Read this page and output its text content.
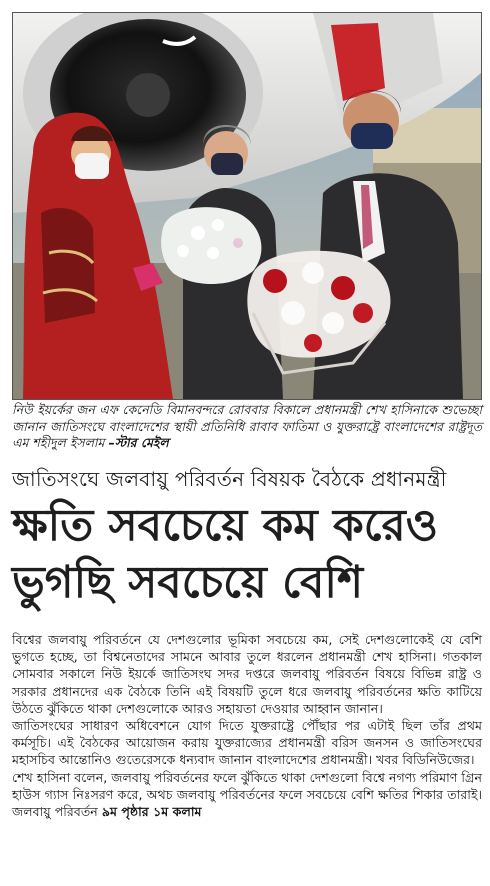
নিউ ইয়র্কের জন এফ কেনেডি বিমানবন্দরে রোববার বিকালে প্রধানমন্ত্রী শেখ হাসিনাকে শুভেচ্ছা জানান জাতিসংঘে বাংলাদেশের স্থায়ী প্রতিনিধি রাবাব ফাতিমা ও যুক্তরাষ্ট্রে বাংলাদেশের রাষ্ট্রদূত এম শহীদুল ইসলাম –স্টার মেইল
জাতিসংঘে জলবায়ু পরিবর্তন বিষয়ক বৈঠকে প্রধানমন্ত্রী
ক্ষতি সবচেয়ে কম করেও
ভুগছি সবচেয়ে বেশি

বিশ্বের জলবায়ু পরিবর্তনে যে দেশগুলোর ভূমিকা সবচেয়ে কম, সেই দেশগুলোকেই যে বেশি ভুগতে হচ্ছে, তা বিশ্বনেতাদের সামনে আবার তুলে ধরলেন প্রধানমন্ত্রী শেখ হাসিনা। গতকাল সোমবার সকালে নিউ ইয়র্কে জাতিসংঘ সদর দপ্তরে জলবায়ু পরিবর্তন বিষয়ে বিভিন্ন রাষ্ট্র ও সরকার প্রধানদের এক বৈঠকে তিনি এই বিষয়টি তুলে ধরে জলবায়ু পরিবর্তনের ক্ষতি কাটিয়ে উঠতে ঝুঁকিতে থাকা দেশগুলোকে আরও সহায়তা দেওয়ার আহ্বান জানান।

জাতিসংঘের সাধারণ অধিবেশনে যোগ দিতে যুক্তরাষ্ট্রে পৌঁছার পর এটাই ছিল তাঁর প্রথম কর্মসূচি। এই বৈঠকের আয়োজন করায় যুক্তরাজ্যের প্রধানমন্ত্রী বরিস জনসন ও জাতিসংঘের মহাসচিব আন্তোনিও গুতেরেসকে ধন্যবাদ জানান বাংলাদেশের প্রধানমন্ত্রী। খবর বিডিনিউজের।

শেখ হাসিনা বলেন, জলবায়ু পরিবর্তনের ফলে ঝুঁকিতে থাকা দেশগুলো বিশ্বে নগণ্য পরিমাণ গ্রিন হাউস গ্যাস নিঃসরণ করে, অথচ জলবায়ু পরিবর্তনের ফলে সবচেয়ে বেশি ক্ষতির শিকার তারাই। জলবায়ু পরিবর্তন ৯ম পৃষ্ঠার ১ম কলাম
